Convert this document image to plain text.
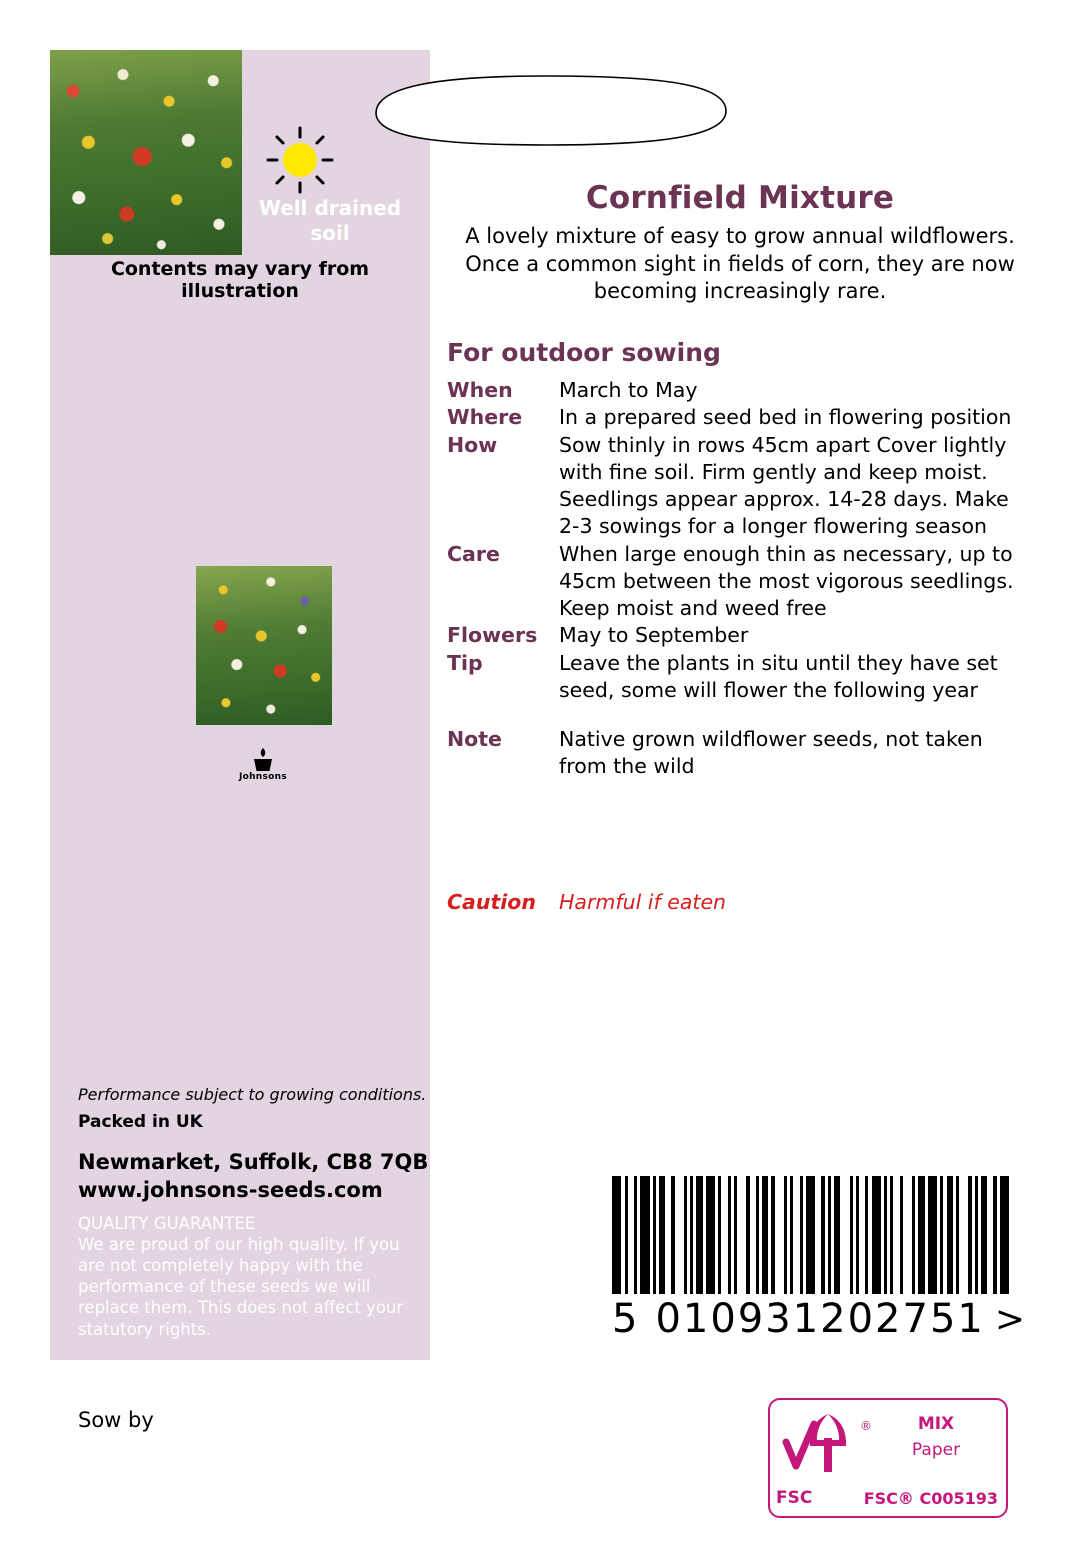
Well drained
soil
Contents may vary from illustration
Johnsons
Performance subject to growing conditions.
Packed in UK
Newmarket, Suffolk, CB8 7QB
www.johnsons-seeds.com
QUALITY GUARANTEE
We are proud of our high quality. If you are not completely happy with the performance of these seeds we will replace them. This does not affect your statutory rights.
Sow by
Cornfield Mixture
A lovely mixture of easy to grow annual wildflowers. Once a common sight in fields of corn, they are now becoming increasingly rare.
For outdoor sowing
When	March to May
Where	In a prepared seed bed in flowering position
How	Sow thinly in rows 45cm apart Cover lightly with fine soil. Firm gently and keep moist. Seedlings appear approx. 14-28 days. Make 2-3 sowings for a longer flowering season
Care	When large enough thin as necessary, up to 45cm between the most vigorous seedlings. Keep moist and weed free
Flowers	May to September
Tip	Leave the plants in situ until they have set seed, some will flower the following year
Note	Native grown wildflower seeds, not taken from the wild
Caution	Harmful if eaten
5 010931202751 >
®
FSC
MIX
Paper
FSC® C005193
